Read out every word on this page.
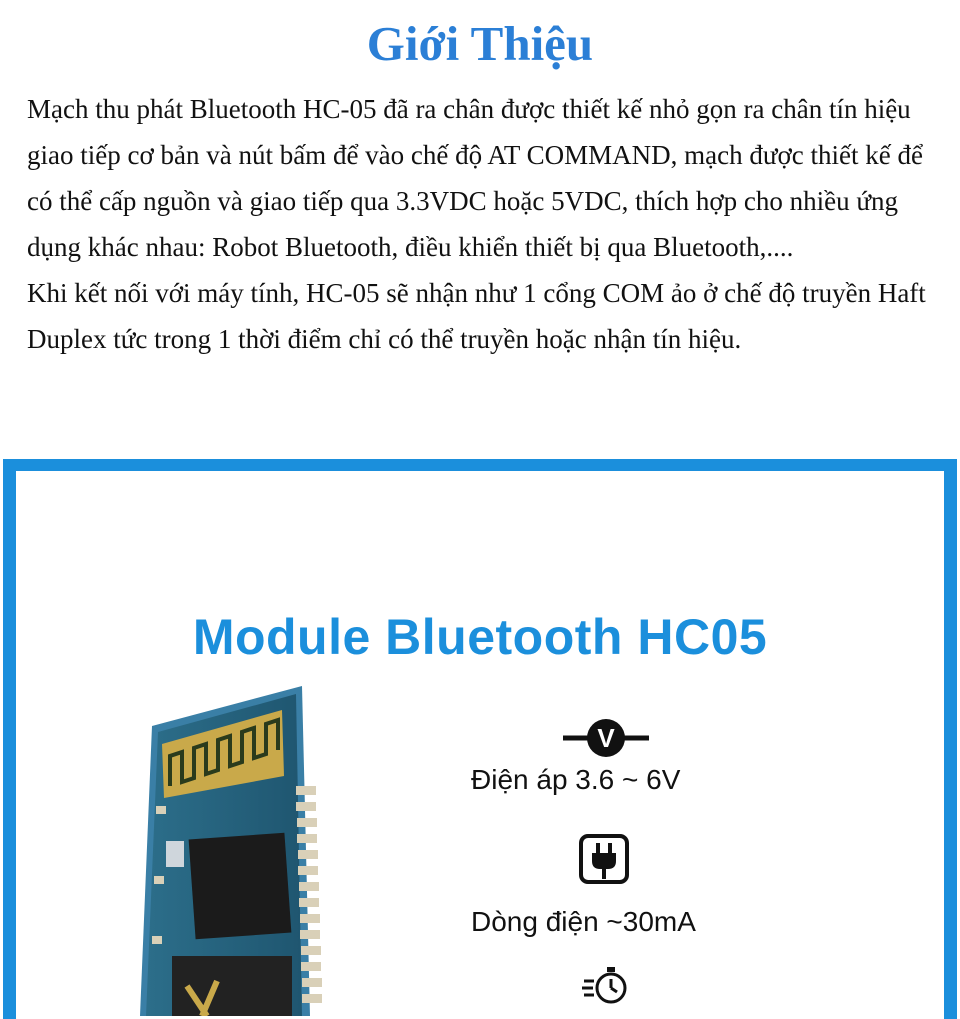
Giới Thiệu

Mạch thu phát Bluetooth HC-05 đã ra chân được thiết kế nhỏ gọn ra chân tín hiệu giao tiếp cơ bản và nút bấm để vào chế độ AT COMMAND, mạch được thiết kế để có thể cấp nguồn và giao tiếp qua 3.3VDC hoặc 5VDC, thích hợp cho nhiều ứng dụng khác nhau: Robot Bluetooth, điều khiển thiết bị qua Bluetooth,....

Khi kết nối với máy tính, HC-05 sẽ nhận như 1 cổng COM ảo ở chế độ truyền Haft Duplex tức trong 1 thời điểm chỉ có thể truyền hoặc nhận tín hiệu.

Module Bluetooth HC05
V
Điện áp 3.6 ~ 6V
Dòng điện ~30mA
